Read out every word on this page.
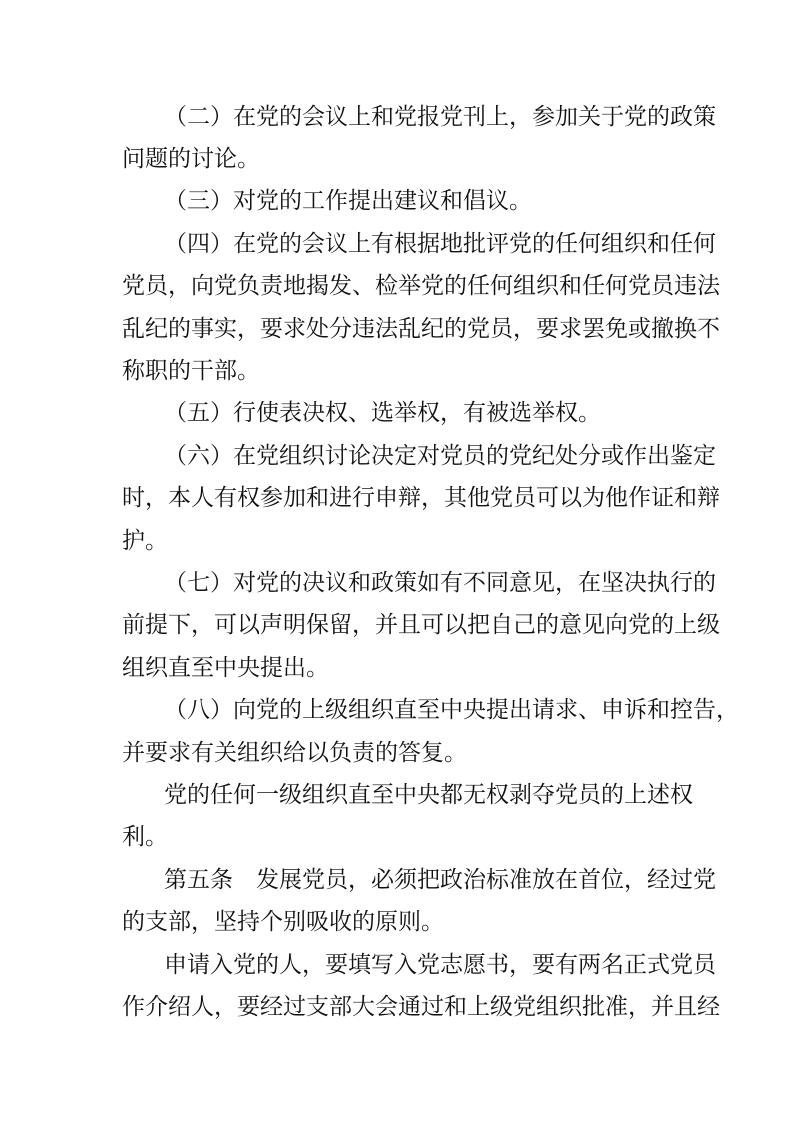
（ 二 ） 在 党 的 会 议 上 和 党 报 党 刊 上 ， 参 加 关 于 党 的 政 策
问题的讨论。
（三）对党的工作提出建议和倡议。
（ 四 ） 在 党 的 会 议 上 有 根 据 地 批 评 党 的 任 何 组 织 和 任 何
党 员 ， 向 党 负 责 地 揭 发 、 检 举 党 的 任 何 组 织 和 任 何 党 员 违 法
乱 纪 的 事 实 ， 要 求 处 分 违 法 乱 纪 的 党 员 ， 要 求 罢 免 或 撤 换 不
称职的干部。
（五）行使表决权、选举权，有被选举权。
（ 六 ） 在 党 组 织 讨 论 决 定 对 党 员 的 党 纪 处 分 或 作 出 鉴 定
时 ， 本 人 有 权 参 加 和 进 行 申 辩 ， 其 他 党 员 可 以 为 他 作 证 和 辩
护。
（ 七 ） 对 党 的 决 议 和 政 策 如 有 不 同 意 见 ， 在 坚 决 执 行 的
前 提 下 ， 可 以 声 明 保 留 ， 并 且 可 以 把 自 己 的 意 见 向 党 的 上 级
组织直至中央提出。
（ 八 ） 向 党 的 上 级 组 织 直 至 中 央 提 出 请 求 、 申 诉 和 控 告 ，
并要求有关组织给以负责的答复。
党 的 任 何 一 级 组 织 直 至 中 央 都 无 权 剥 夺 党 员 的 上 述 权
利。
第 五 条
　 发 展 党 员 ， 必 须 把 政 治 标 准 放 在 首 位 ， 经 过 党
的支部，坚持个别吸收的原则。
申 请 入 党 的 人 ， 要 填 写 入 党 志 愿 书 ， 要 有 两 名 正 式 党 员
作 介 绍 人 ， 要 经 过 支 部 大 会 通 过 和 上 级 党 组 织 批 准 ， 并 且 经
